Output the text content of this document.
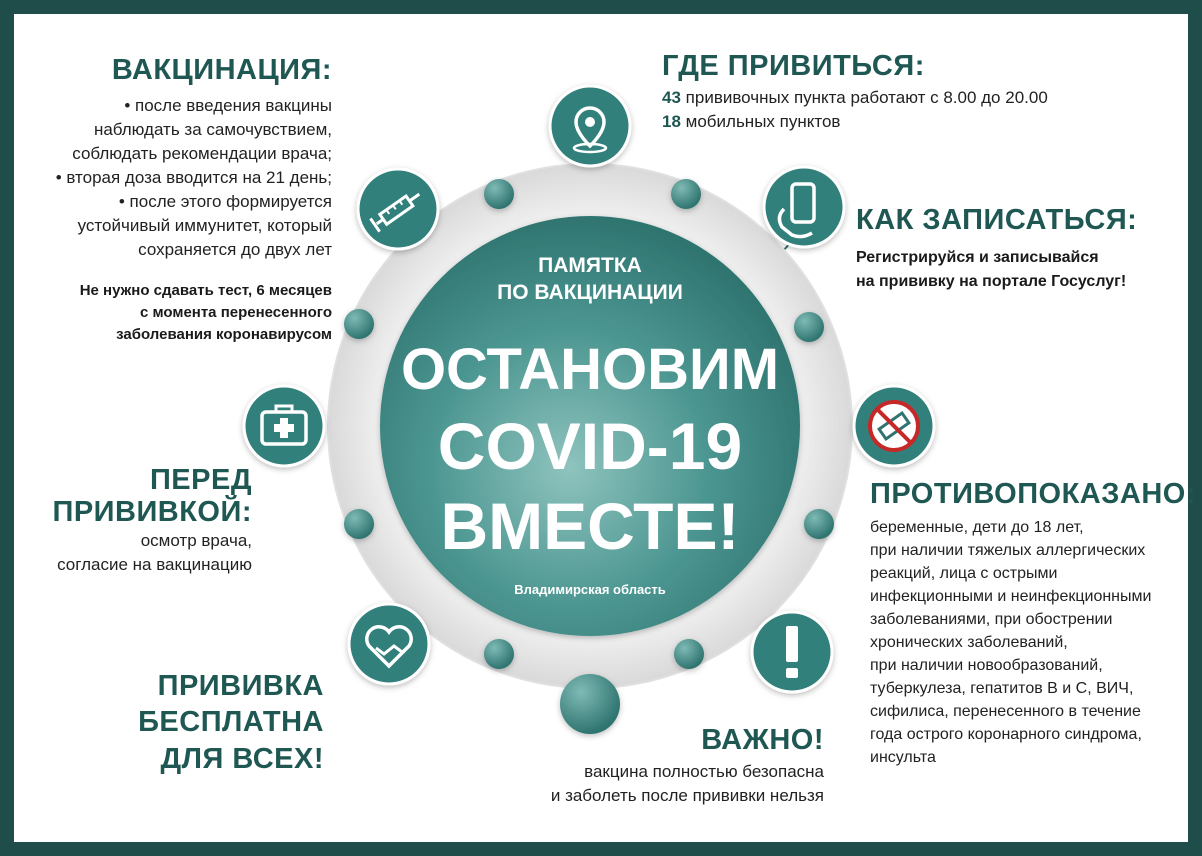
ПАМЯТКА
ПО ВАКЦИНАЦИИ
ОСТАНОВИМ
COVID-19
ВМЕСТЕ!
Владимирская область
ВАКЦИНАЦИЯ:

• после введения вакцины

наблюдать за самочувствием,

соблюдать рекомендации врача;

• вторая доза вводится на 21 день;

• после этого формируется

устойчивый иммунитет, который

сохраняется до двух лет

Не нужно сдавать тест, 6 месяцев

с момента перенесенного

заболевания коронавирусом

ГДЕ ПРИВИТЬСЯ:

43 прививочных пункта работают с 8.00 до 20.00

18 мобильных пунктов

КАК ЗАПИСАТЬСЯ:

Регистрируйся и записывайся

на прививку на портале Госуслуг!

ПЕРЕД
ПРИВИВКОЙ:

осмотр врача,

согласие на вакцинацию

ПРИВИВКА
БЕСПЛАТНА
ДЛЯ ВСЕХ!
ВАЖНО!

вакцина полностью безопасна

и заболеть после прививки нельзя

ПРОТИВОПОКАЗАНО:

беременные, дети до 18 лет,

при наличии тяжелых аллергических

реакций, лица с острыми

инфекционными и неинфекционными

заболеваниями, при обострении

хронических заболеваний,

при наличии новообразований,

туберкулеза, гепатитов В и С, ВИЧ,

сифилиса, перенесенного в течение

года острого коронарного синдрома,

инсульта
